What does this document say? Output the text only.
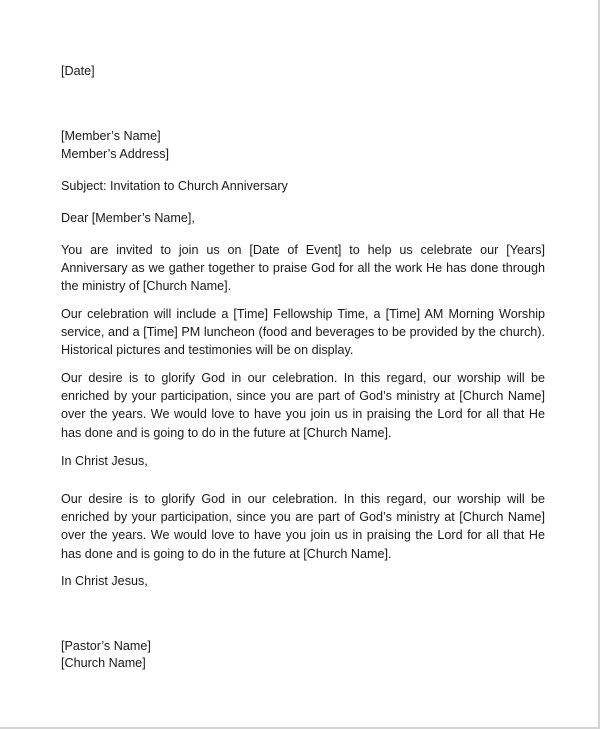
[Date]

[Member’s Name]

Member’s Address]

Subject: Invitation to Church Anniversary

Dear [Member’s Name],

You are invited to join us on [Date of Event] to help us celebrate our [Years] Anniversary as we gather together to praise God for all the work He has done through the ministry of [Church Name].

Our celebration will include a [Time] Fellowship Time, a [Time] AM Morning Worship service, and a [Time] PM luncheon (food and beverages to be provided by the church). Historical pictures and testimonies will be on display.

Our desire is to glorify God in our celebration. In this regard, our worship will be enriched by your participation, since you are part of God’s ministry at [Church Name] over the years. We would love to have you join us in praising the Lord for all that He has done and is going to do in the future at [Church Name].

In Christ Jesus,

Our desire is to glorify God in our celebration. In this regard, our worship will be enriched by your participation, since you are part of God’s ministry at [Church Name] over the years. We would love to have you join us in praising the Lord for all that He has done and is going to do in the future at [Church Name].

In Christ Jesus,

[Pastor’s Name]

[Church Name]
